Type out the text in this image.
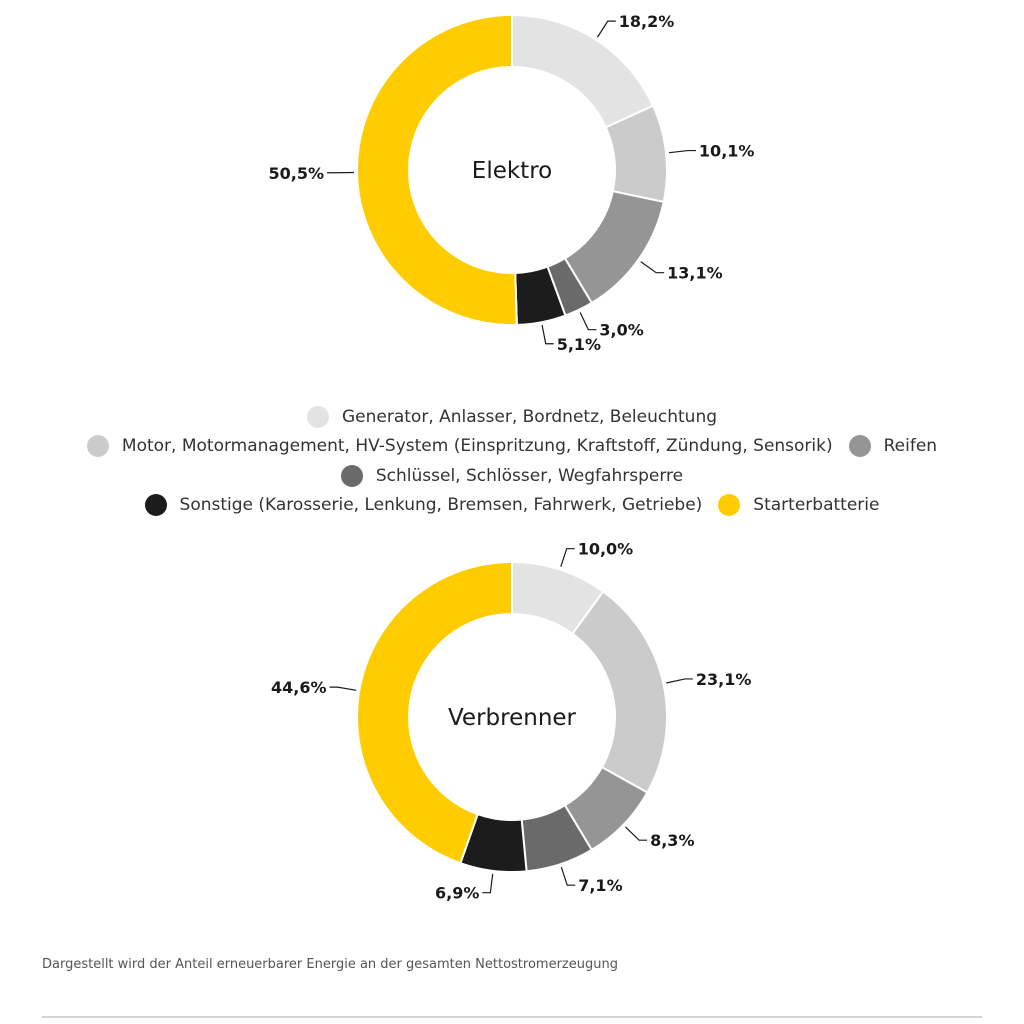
Elektro
18,2%
10,1%
13,1%
3,0%
5,1%
50,5%
Generator, Anlasser, Bordnetz, Beleuchtung
Motor, Motormanagement, HV-System (Einspritzung, Kraftstoff, Zündung, Sensorik)	Reifen
Schlüssel, Schlösser, Wegfahrsperre
Sonstige (Karosserie, Lenkung, Bremsen, Fahrwerk, Getriebe)	Starterbatterie
Verbrenner
10,0%
23,1%
8,3%
7,1%
6,9%
44,6%
Dargestellt wird der Anteil erneuerbarer Energie an der gesamten Nettostromerzeugung
